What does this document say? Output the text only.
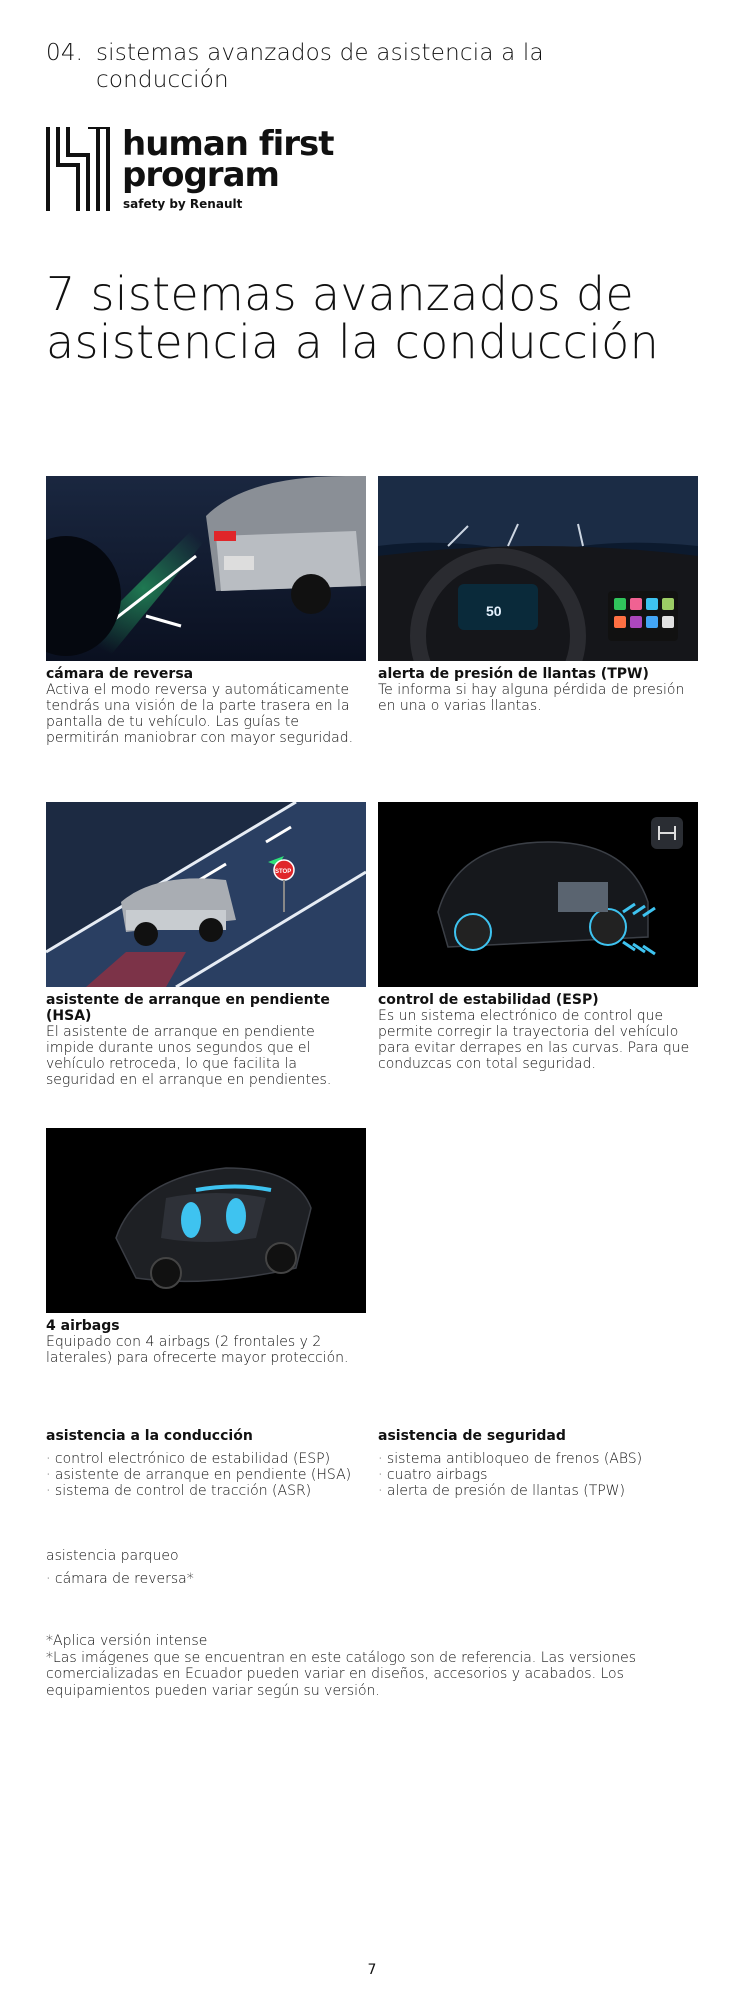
04. sistemas avanzados de asistencia a la conducción
human first
program
safety by Renault
7 sistemas avanzados de asistencia a la conducción
cámara de reversa
Activa el modo reversa y automáticamente tendrás una visión de la parte trasera en la pantalla de tu vehículo. Las guías te permitirán maniobrar con mayor seguridad.
50
alerta de presión de llantas (TPW)
Te informa si hay alguna pérdida de presión en una o varias llantas.
STOP
asistente de arranque en pendiente (HSA)
El asistente de arranque en pendiente impide durante unos segundos que el vehículo retroceda, lo que facilita la seguridad en el arranque en pendientes.
control de estabilidad (ESP)
Es un sistema electrónico de control que permite corregir la trayectoria del vehículo para evitar derrapes en las curvas. Para que conduzcas con total seguridad.
4 airbags
Equipado con 4 airbags (2 frontales y 2 laterales) para ofrecerte mayor protección.
asistencia a la conducción
· control electrónico de estabilidad (ESP)
· asistente de arranque en pendiente (HSA)
· sistema de control de tracción (ASR)
asistencia de seguridad
· sistema antibloqueo de frenos (ABS)
· cuatro airbags
· alerta de presión de llantas (TPW)
asistencia parqueo
· cámara de reversa*
*Aplica versión intense
*Las imágenes que se encuentran en este catálogo son de referencia. Las versiones comercializadas en Ecuador pueden variar en diseños, accesorios y acabados. Los equipamientos pueden variar según su versión.
7
